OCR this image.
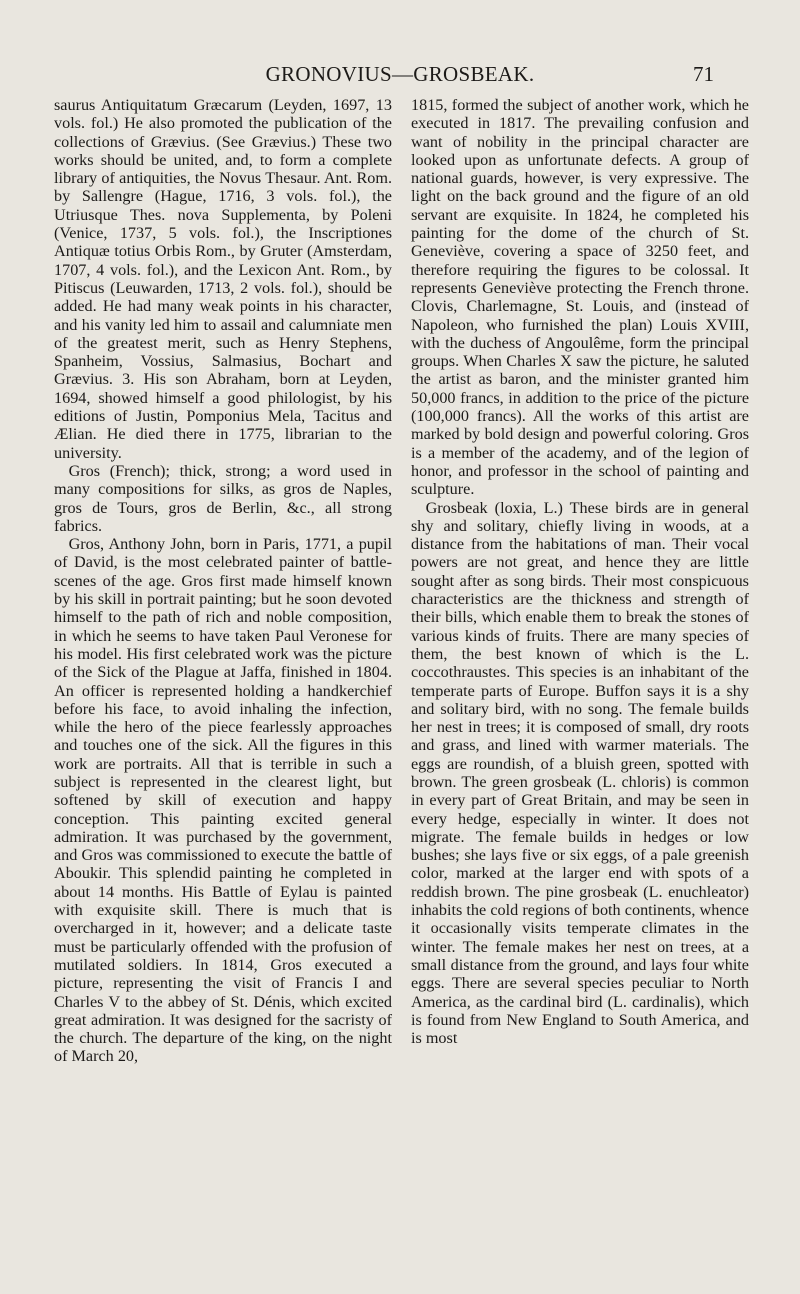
GRONOVIUS—GROSBEAK.	71

saurus Antiquitatum Græcarum (Leyden, 1697, 13 vols. fol.) He also promoted the publication of the collections of Grævius. (See Grævius.) These two works should be united, and, to form a complete library of antiquities, the Novus Thesaur. Ant. Rom. by Sallengre (Hague, 1716, 3 vols. fol.), the Utriusque Thes. nova Supplementa, by Poleni (Venice, 1737, 5 vols. fol.), the Inscriptiones Antiquæ totius Orbis Rom., by Gruter (Amsterdam, 1707, 4 vols. fol.), and the Lexicon Ant. Rom., by Pitiscus (Leuwarden, 1713, 2 vols. fol.), should be added. He had many weak points in his character, and his vanity led him to assail and calumniate men of the greatest merit, such as Henry Stephens, Spanheim, Vossius, Salmasius, Bochart and Grævius. 3. His son Abraham, born at Leyden, 1694, showed himself a good philologist, by his editions of Justin, Pomponius Mela, Tacitus and Ælian. He died there in 1775, librarian to the university.

Gros (French); thick, strong; a word used in many compositions for silks, as gros de Naples, gros de Tours, gros de Berlin, &c., all strong fabrics.

Gros, Anthony John, born in Paris, 1771, a pupil of David, is the most celebrated painter of battle-scenes of the age. Gros first made himself known by his skill in portrait painting; but he soon devoted himself to the path of rich and noble composition, in which he seems to have taken Paul Veronese for his model. His first celebrated work was the picture of the Sick of the Plague at Jaffa, finished in 1804. An officer is represented holding a handkerchief before his face, to avoid inhaling the infection, while the hero of the piece fearlessly approaches and touches one of the sick. All the figures in this work are portraits. All that is terrible in such a subject is represented in the clearest light, but softened by skill of execution and happy conception. This painting excited general admiration. It was purchased by the government, and Gros was commissioned to execute the battle of Aboukir. This splendid painting he completed in about 14 months. His Battle of Eylau is painted with exquisite skill. There is much that is overcharged in it, however; and a delicate taste must be particularly offended with the profusion of mutilated soldiers. In 1814, Gros executed a picture, representing the visit of Francis I and Charles V to the abbey of St. Dénis, which excited great admiration. It was designed for the sacristy of the church. The departure of the king, on the night of March 20,

1815, formed the subject of another work, which he executed in 1817. The prevailing confusion and want of nobility in the principal character are looked upon as unfortunate defects. A group of national guards, however, is very expressive. The light on the back ground and the figure of an old servant are exquisite. In 1824, he completed his painting for the dome of the church of St. Geneviève, covering a space of 3250 feet, and therefore requiring the figures to be colossal. It represents Geneviève protecting the French throne. Clovis, Charlemagne, St. Louis, and (instead of Napoleon, who furnished the plan) Louis XVIII, with the duchess of Angoulême, form the principal groups. When Charles X saw the picture, he saluted the artist as baron, and the minister granted him 50,000 francs, in addition to the price of the picture (100,000 francs). All the works of this artist are marked by bold design and powerful coloring. Gros is a member of the academy, and of the legion of honor, and professor in the school of painting and sculpture.

Grosbeak (loxia, L.) These birds are in general shy and solitary, chiefly living in woods, at a distance from the habitations of man. Their vocal powers are not great, and hence they are little sought after as song birds. Their most conspicuous characteristics are the thickness and strength of their bills, which enable them to break the stones of various kinds of fruits. There are many species of them, the best known of which is the L. coccothraustes. This species is an inhabitant of the temperate parts of Europe. Buffon says it is a shy and solitary bird, with no song. The female builds her nest in trees; it is composed of small, dry roots and grass, and lined with warmer materials. The eggs are roundish, of a bluish green, spotted with brown. The green grosbeak (L. chloris) is common in every part of Great Britain, and may be seen in every hedge, especially in winter. It does not migrate. The female builds in hedges or low bushes; she lays five or six eggs, of a pale greenish color, marked at the larger end with spots of a reddish brown. The pine grosbeak (L. enuchleator) inhabits the cold regions of both continents, whence it occasionally visits temperate climates in the winter. The female makes her nest on trees, at a small distance from the ground, and lays four white eggs. There are several species peculiar to North America, as the cardinal bird (L. cardinalis), which is found from New England to South America, and is most
